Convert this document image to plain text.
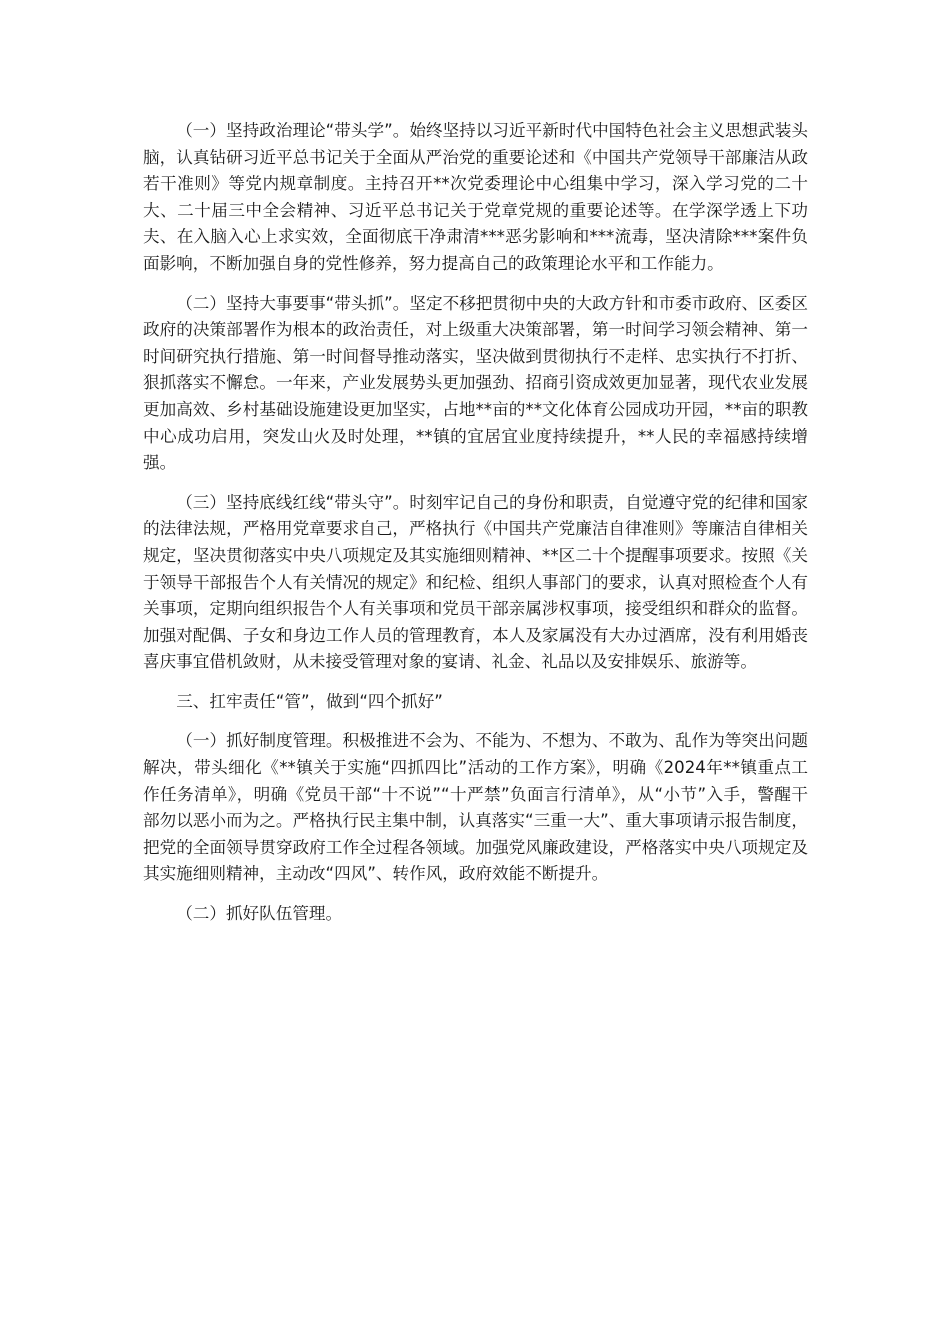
（一）坚持政治理论“带头学”。始终坚持以习近平新时代中国特色社会主义思想武装头脑，认真钻研习近平总书记关于全面从严治党的重要论述和《中国共产党领导干部廉洁从政若干准则》等党内规章制度。主持召开**次党委理论中心组集中学习，深入学习党的二十大、二十届三中全会精神、习近平总书记关于党章党规的重要论述等。在学深学透上下功夫、在入脑入心上求实效，全面彻底干净肃清***恶劣影响和***流毒，坚决清除***案件负面影响，不断加强自身的党性修养，努力提高自己的政策理论水平和工作能力。

（二）坚持大事要事“带头抓”。坚定不移把贯彻中央的大政方针和市委市政府、区委区政府的决策部署作为根本的政治责任，对上级重大决策部署，第一时间学习领会精神、第一时间研究执行措施、第一时间督导推动落实，坚决做到贯彻执行不走样、忠实执行不打折、狠抓落实不懈怠。一年来，产业发展势头更加强劲、招商引资成效更加显著，现代农业发展更加高效、乡村基础设施建设更加坚实，占地**亩的**文化体育公园成功开园，**亩的职教中心成功启用，突发山火及时处理，**镇的宜居宜业度持续提升，**人民的幸福感持续增强。

（三）坚持底线红线“带头守”。时刻牢记自己的身份和职责，自觉遵守党的纪律和国家的法律法规，严格用党章要求自己，严格执行《中国共产党廉洁自律准则》等廉洁自律相关规定，坚决贯彻落实中央八项规定及其实施细则精神、**区二十个提醒事项要求。按照《关于领导干部报告个人有关情况的规定》和纪检、组织人事部门的要求，认真对照检查个人有关事项，定期向组织报告个人有关事项和党员干部亲属涉权事项，接受组织和群众的监督。加强对配偶、子女和身边工作人员的管理教育，本人及家属没有大办过酒席，没有利用婚丧喜庆事宜借机敛财，从未接受管理对象的宴请、礼金、礼品以及安排娱乐、旅游等。

三、扛牢责任“管”，做到“四个抓好”

（一）抓好制度管理。积极推进不会为、不能为、不想为、不敢为、乱作为等突出问题解决，带头细化《**镇关于实施“四抓四比”活动的工作方案》，明确《2024年**镇重点工作任务清单》，明确《党员干部“十不说”“十严禁”负面言行清单》，从“小节”入手，警醒干部勿以恶小而为之。严格执行民主集中制，认真落实“三重一大”、重大事项请示报告制度，把党的全面领导贯穿政府工作全过程各领域。加强党风廉政建设，严格落实中央八项规定及其实施细则精神，主动改“四风”、转作风，政府效能不断提升。

（二）抓好队伍管理。
